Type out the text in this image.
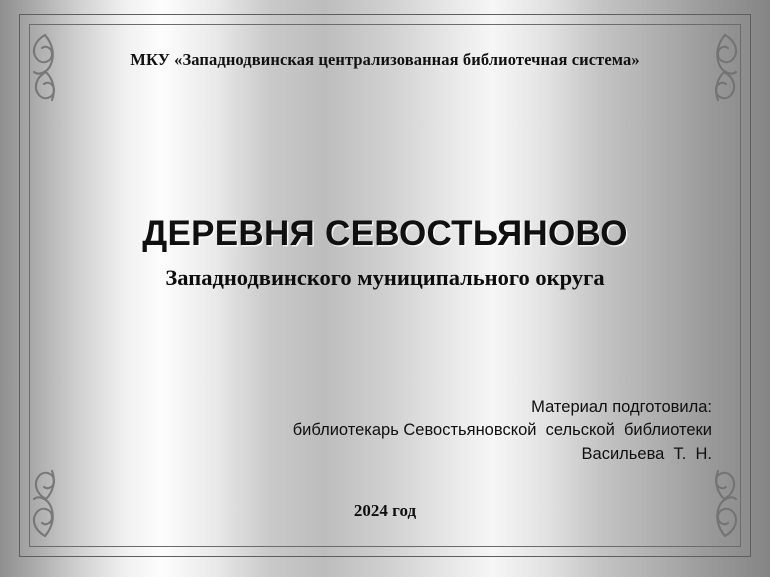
МКУ «Западнодвинская централизованная библиотечная система»
ДЕРЕВНЯ СЕВОСТЬЯНОВО
Западнодвинского муниципального округа
Материал подготовила:
библиотекарь Севостьяновской  сельской  библиотеки
Васильева  Т.  Н.
2024 год
